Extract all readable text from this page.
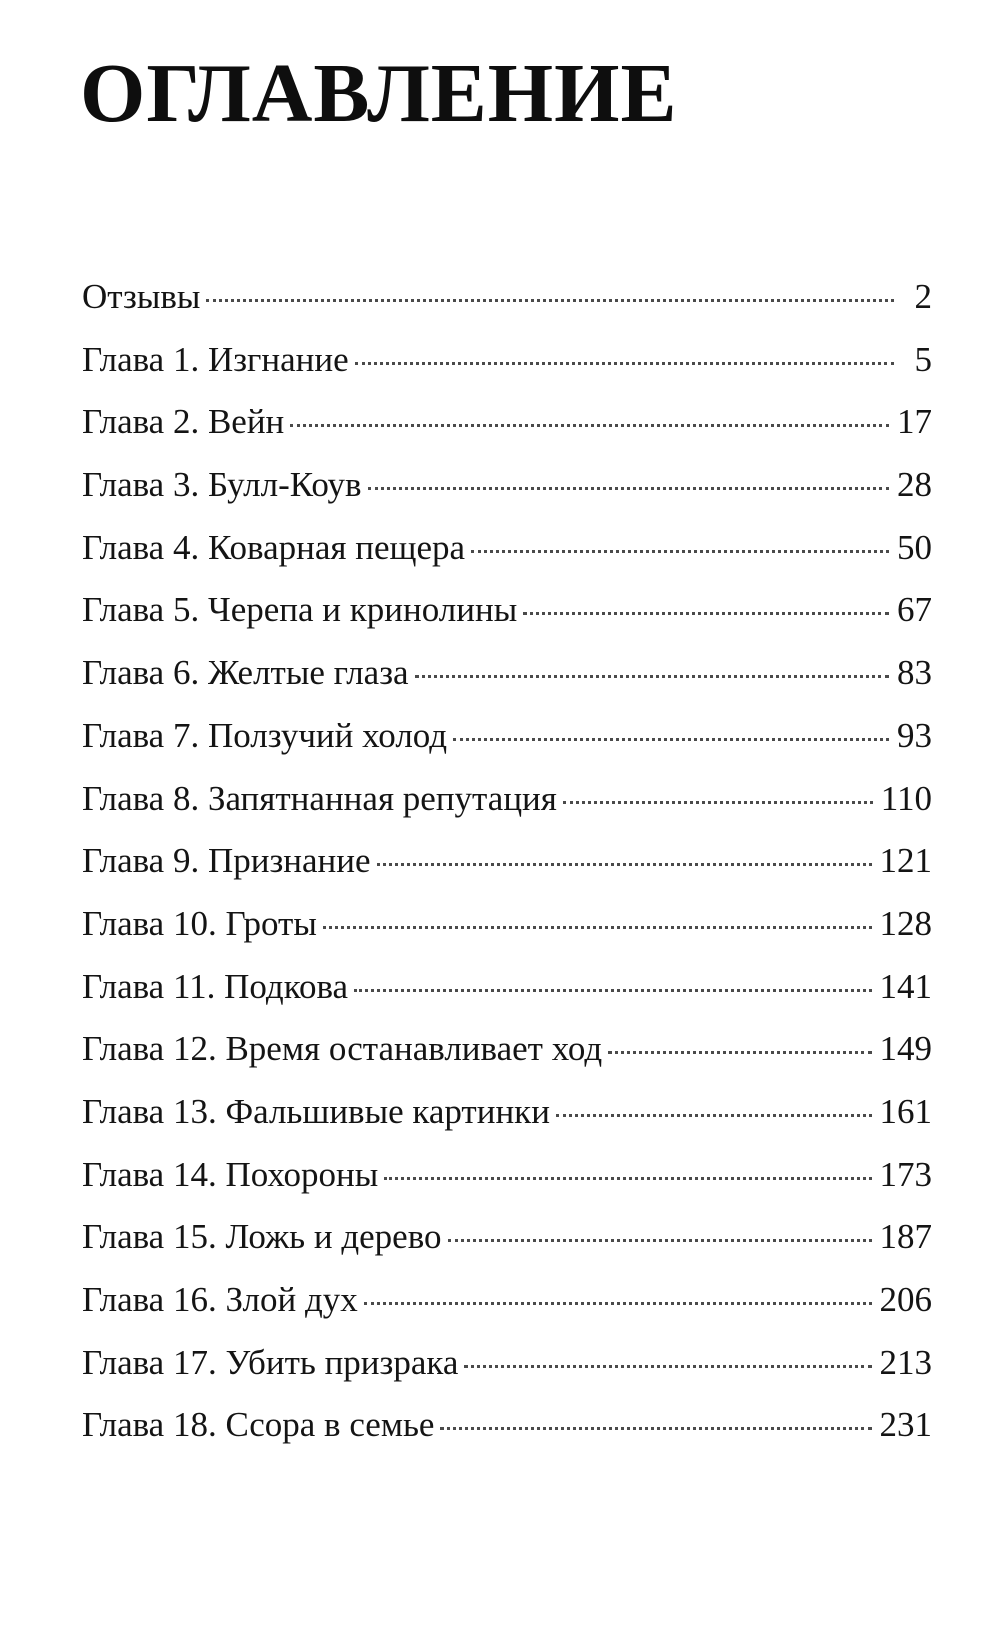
ОГЛАВЛЕНИЕ
Отзывы	2
Глава 1. Изгнание	5
Глава 2. Вейн	17
Глава 3. Булл-Коув	28
Глава 4. Коварная пещера	50
Глава 5. Черепа и кринолины	67
Глава 6. Желтые глаза	83
Глава 7. Ползучий холод	93
Глава 8. Запятнанная репутация	110
Глава 9. Признание	121
Глава 10. Гроты	128
Глава 11. Подкова	141
Глава 12. Время останавливает ход	149
Глава 13. Фальшивые картинки	161
Глава 14. Похороны	173
Глава 15. Ложь и дерево	187
Глава 16. Злой дух	206
Глава 17. Убить призрака	213
Глава 18. Ссора в семье	231
